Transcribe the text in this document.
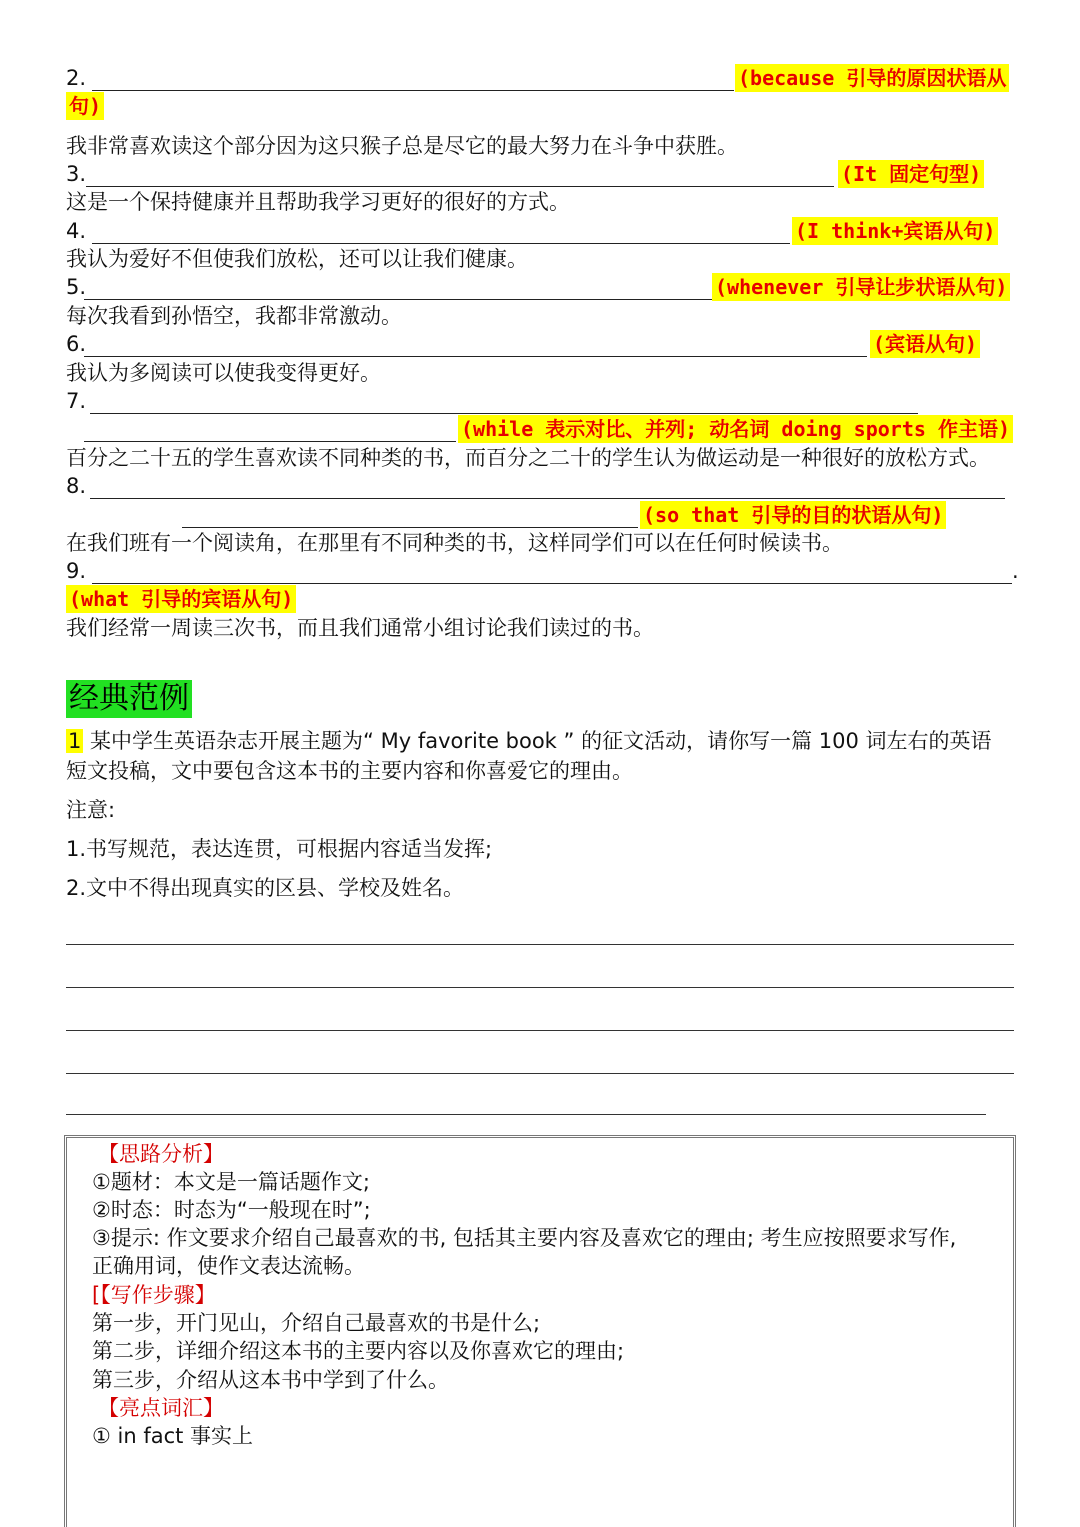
2.	(because 引导的原因状语从
句)
我非常喜欢读这个部分因为这只猴子总是尽它的最大努力在斗争中获胜。
3.	(It 固定句型)
这是一个保持健康并且帮助我学习更好的很好的方式。
4.	(I think+宾语从句)
我认为爱好不但使我们放松，还可以让我们健康。
5.	(whenever 引导让步状语从句)
每次我看到孙悟空，我都非常激动。
6.	(宾语从句)
我认为多阅读可以使我变得更好。
7.
(while 表示对比、并列; 动名词 doing sports 作主语)
百分之二十五的学生喜欢读不同种类的书，而百分之二十的学生认为做运动是一种很好的放松方式。
8.
(so that 引导的目的状语从句)
在我们班有一个阅读角，在那里有不同种类的书，这样同学们可以在任何时候读书。
9.	.
(what 引导的宾语从句)
我们经常一周读三次书，而且我们通常小组讨论我们读过的书。
经典范例
1 某中学生英语杂志开展主题为“ My favorite book ” 的征文活动，请你写一篇 100 词左右的英语
短文投稿，文中要包含这本书的主要内容和你喜爱它的理由。
注意:
1.书写规范，表达连贯，可根据内容适当发挥;
2.文中不得出现真实的区县、学校及姓名。
【思路分析】
①题材：本文是一篇话题作文;
②时态：时态为“一般现在时”;
③提示: 作文要求介绍自己最喜欢的书, 包括其主要内容及喜欢它的理由; 考生应按照要求写作,
正确用词，使作文表达流畅。
[【写作步骤】
第一步，开门见山，介绍自己最喜欢的书是什么;
第二步，详细介绍这本书的主要内容以及你喜欢它的理由;
第三步，介绍从这本书中学到了什么。
【亮点词汇】
① in fact 事实上
